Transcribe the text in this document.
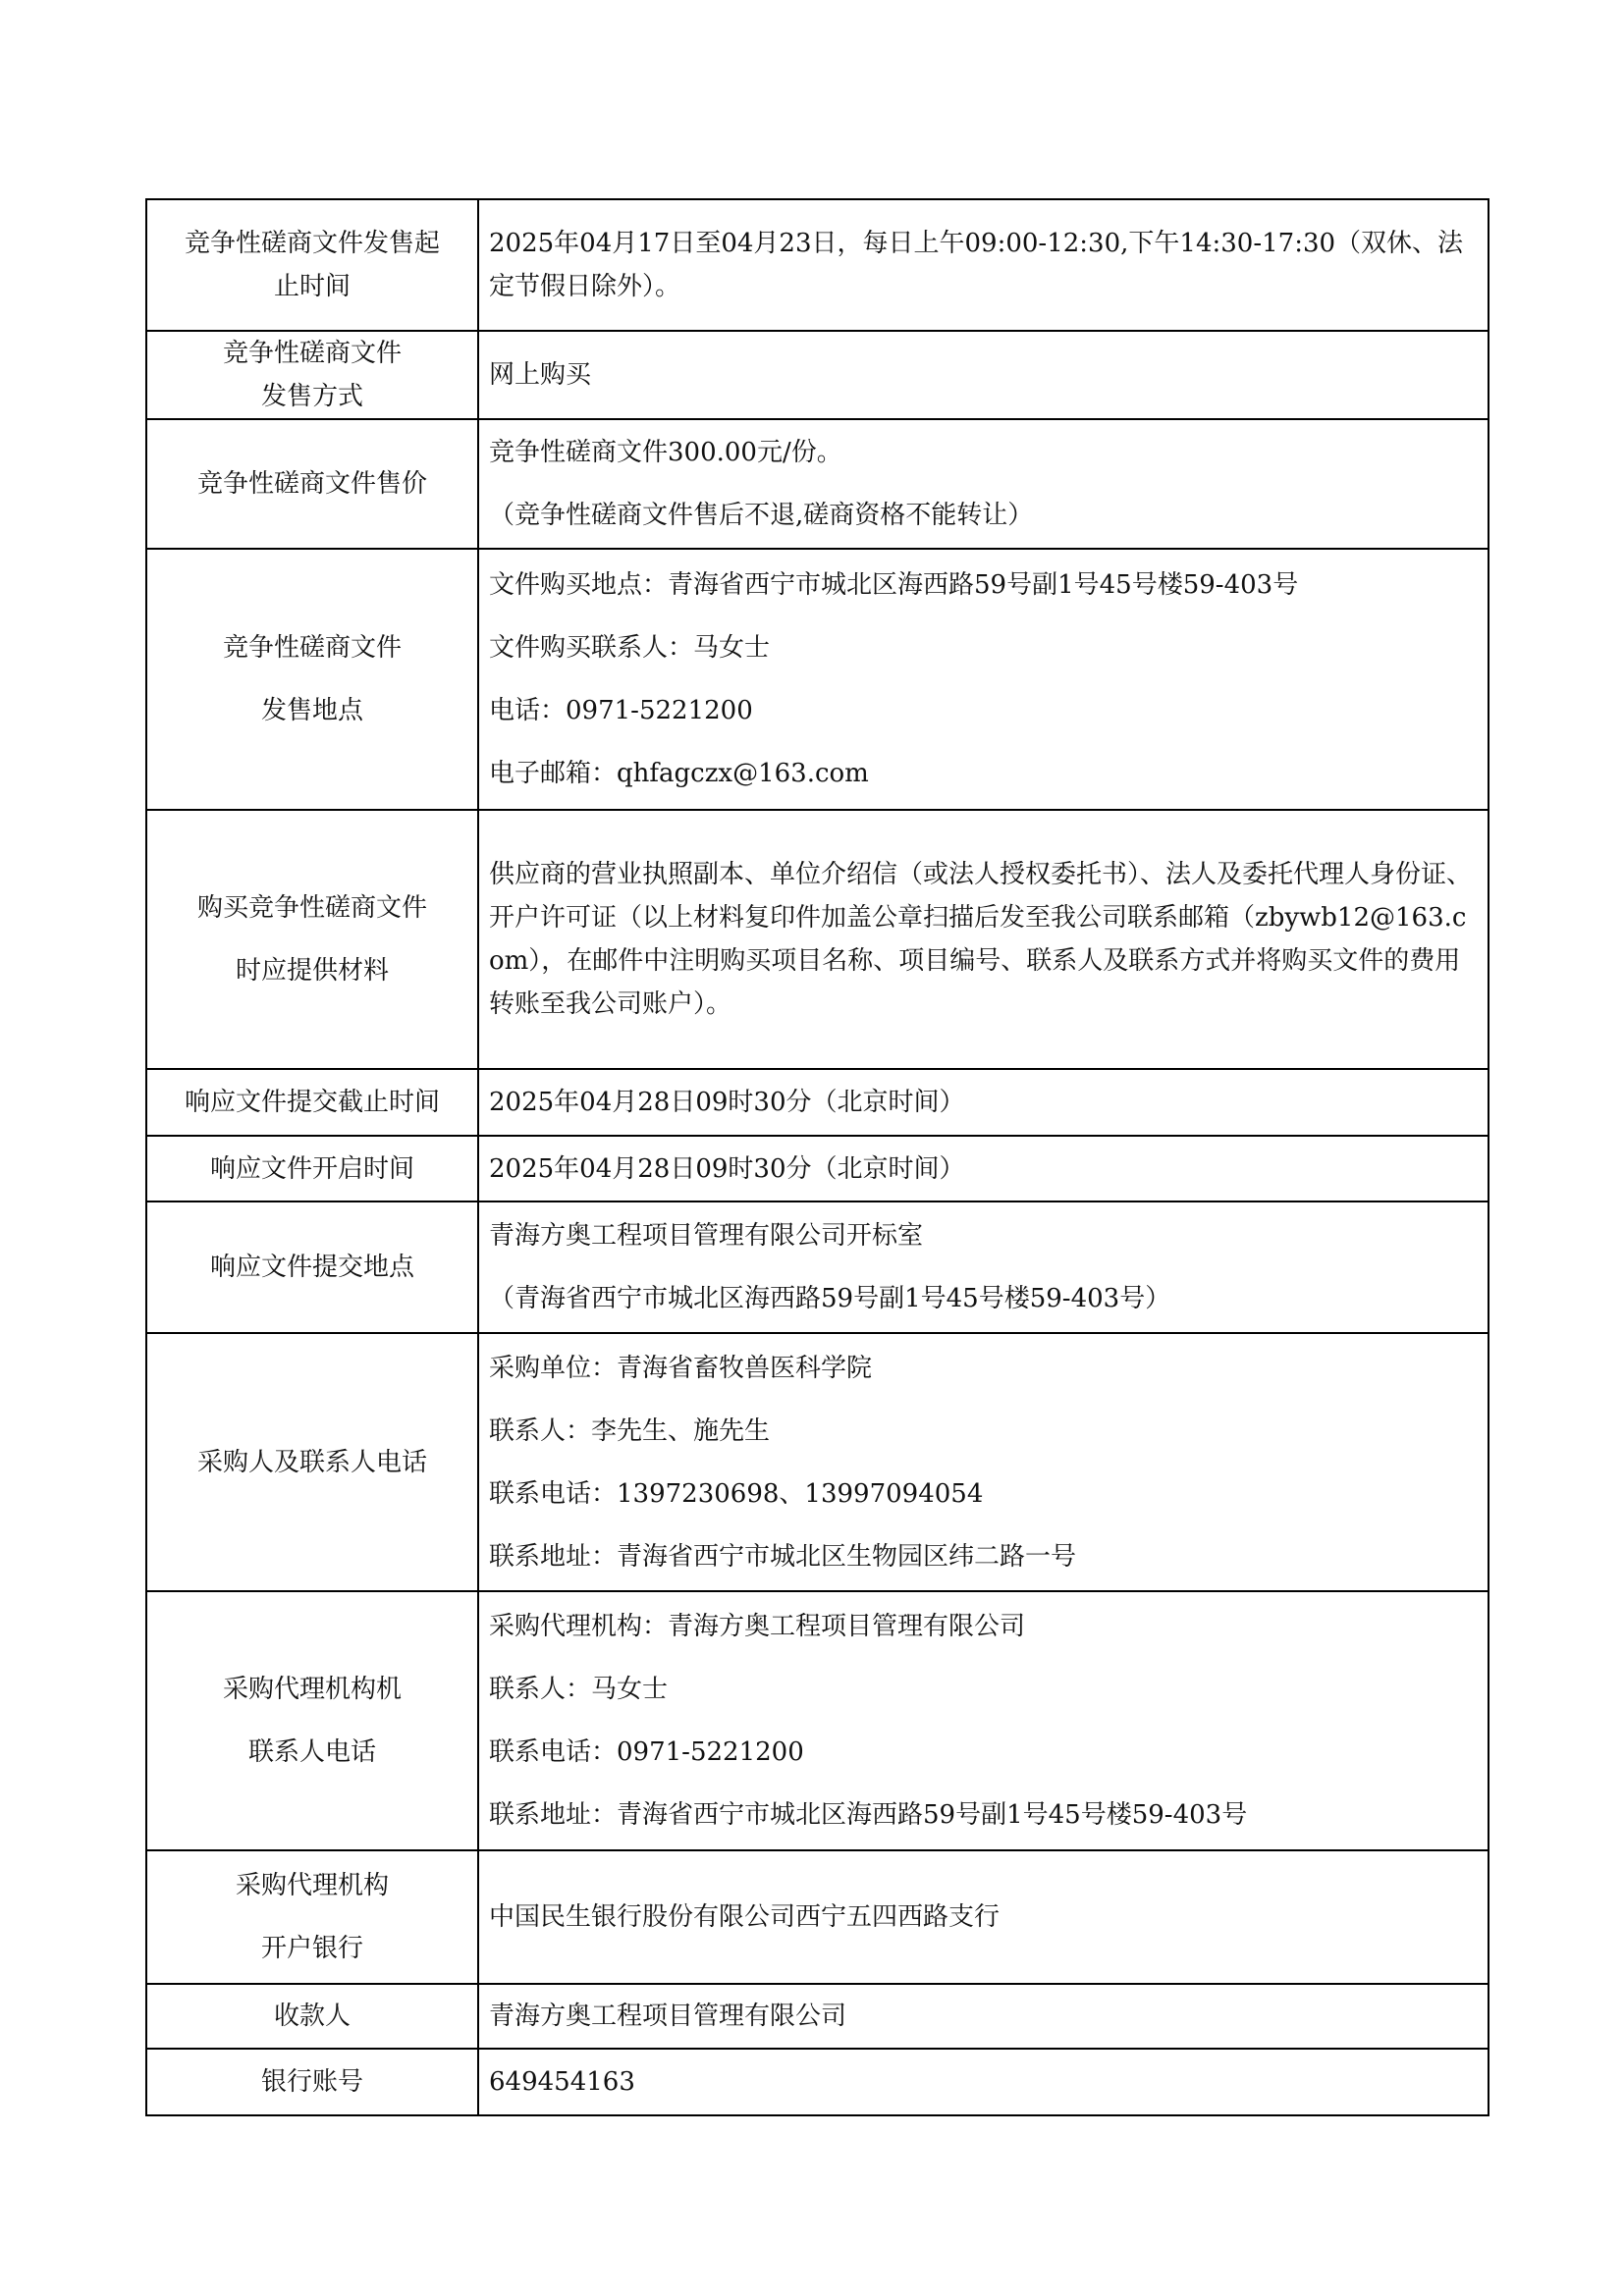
竞争性磋商文件发售起
止时间	2025年04月17日至04月23日，每日上午09:00-12:30,下午14:30-17:30（双休、法定节假日除外）。

竞争性磋商文件
发售方式	网上购买

竞争性磋商文件售价	竞争性磋商文件300.00元/份。
（竞争性磋商文件售后不退,磋商资格不能转让）

竞争性磋商文件
发售地点	文件购买地点：青海省西宁市城北区海西路59号副1号45号楼59-403号
文件购买联系人：马女士
电话：0971-5221200
电子邮箱：qhfagczx@163.com

购买竞争性磋商文件
时应提供材料	供应商的营业执照副本、单位介绍信（或法人授权委托书）、法人及委托代理人身份证、开户许可证（以上材料复印件加盖公章扫描后发至我公司联系邮箱（zbywb12@163.com），在邮件中注明购买项目名称、项目编号、联系人及联系方式并将购买文件的费用转账至我公司账户）。

响应文件提交截止时间	2025年04月28日09时30分（北京时间）

响应文件开启时间	2025年04月28日09时30分（北京时间）

响应文件提交地点	青海方奥工程项目管理有限公司开标室
（青海省西宁市城北区海西路59号副1号45号楼59-403号）

采购人及联系人电话	采购单位：青海省畜牧兽医科学院
联系人：李先生、施先生
联系电话：1397230698、13997094054
联系地址：青海省西宁市城北区生物园区纬二路一号

采购代理机构机
联系人电话	采购代理机构：青海方奥工程项目管理有限公司
联系人：马女士
联系电话：0971-5221200
联系地址：青海省西宁市城北区海西路59号副1号45号楼59-403号

采购代理机构
开户银行	中国民生银行股份有限公司西宁五四西路支行

收款人	青海方奥工程项目管理有限公司

银行账号	649454163
